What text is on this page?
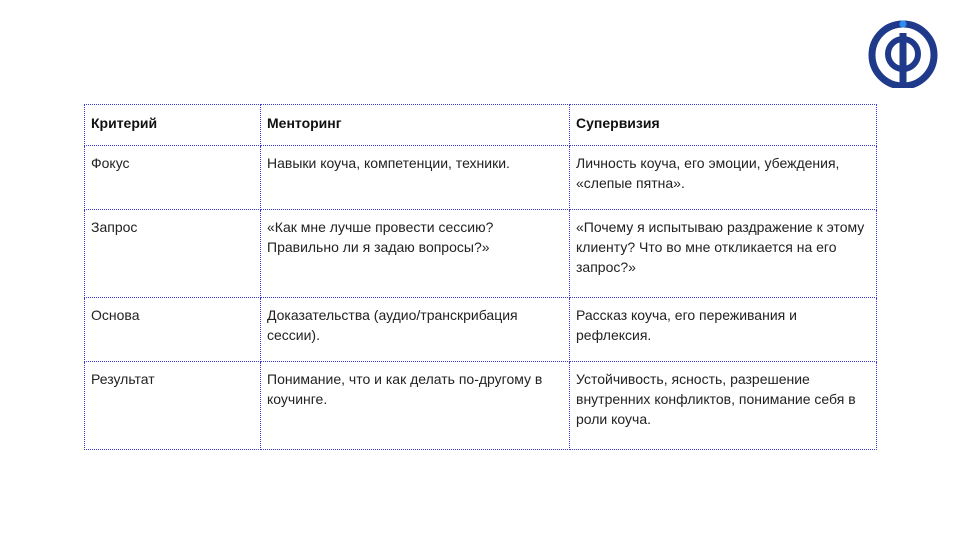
Критерий	Менторинг	Супервизия
Фокус	Навыки коуча, компетенции, техники.	Личность коуча, его эмоции, убеждения, «слепые пятна».
Запрос	«Как мне лучше провести сессию? Правильно ли я задаю вопросы?»	«Почему я испытываю раздражение к этому клиенту? Что во мне откликается на его запрос?»
Основа	Доказательства (аудио/транскрибация сессии).	Рассказ коуча, его переживания и рефлексия.
Результат	Понимание, что и как делать по-другому в коучинге.	Устойчивость, ясность, разрешение внутренних конфликтов, понимание себя в роли коуча.
